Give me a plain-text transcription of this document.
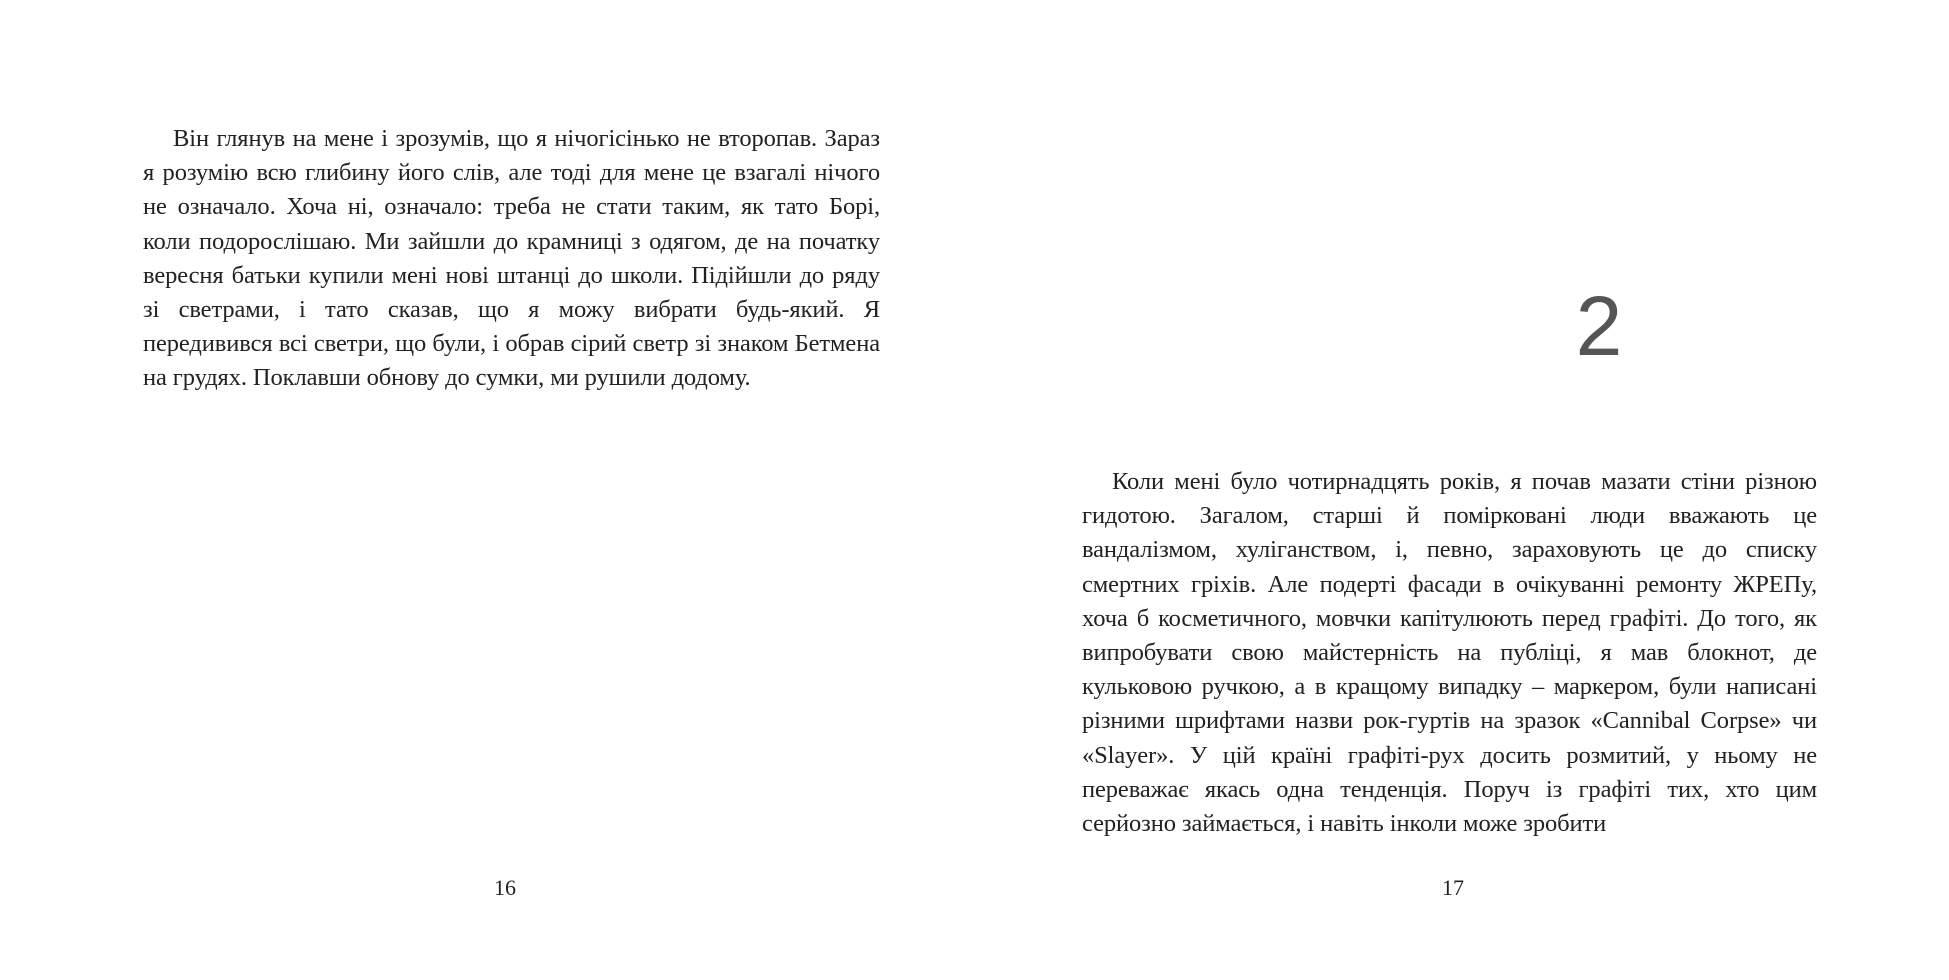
Він глянув на мене і зрозумів, що я нічогісінько не второпав. Зараз я розумію всю глибину його слів, але тоді для мене це взагалі нічого не означало. Хоча ні, означало: треба не стати таким, як тато Борі, коли подорослішаю. Ми зайшли до крамниці з одягом, де на початку вересня батьки купили мені нові штанці до школи. Підійшли до ряду зі светрами, і тато сказав, що я можу вибрати будь-який. Я передивився всі светри, що були, і обрав сірий светр зі знаком Бетмена на грудях. Поклавши обнову до сумки, ми рушили додому.

16
2

Коли мені було чотирнадцять років, я почав мазати стіни різною гидотою. Загалом, старші й поміркованi люди вважають це вандалізмом, хуліганством, і, певно, зараховують це до списку смертних гріхів. Але подерті фасади в очікуванні ремонту ЖРЕПу, хоча б косметичного, мовчки капітулюють перед графіті. До того, як випробувати свою майстерність на публіці, я мав блокнот, де кульковою ручкою, а в кращому випадку – маркером, були написані різними шрифтами назви рок-гуртів на зразок «Cannibal Corpse» чи «Slayer». У цій країні графіті-рух досить розмитий, у ньому не переважає якась одна тенденція. Поруч із графіті тих, хто цим серйозно займається, і навіть інколи може зробити

17
